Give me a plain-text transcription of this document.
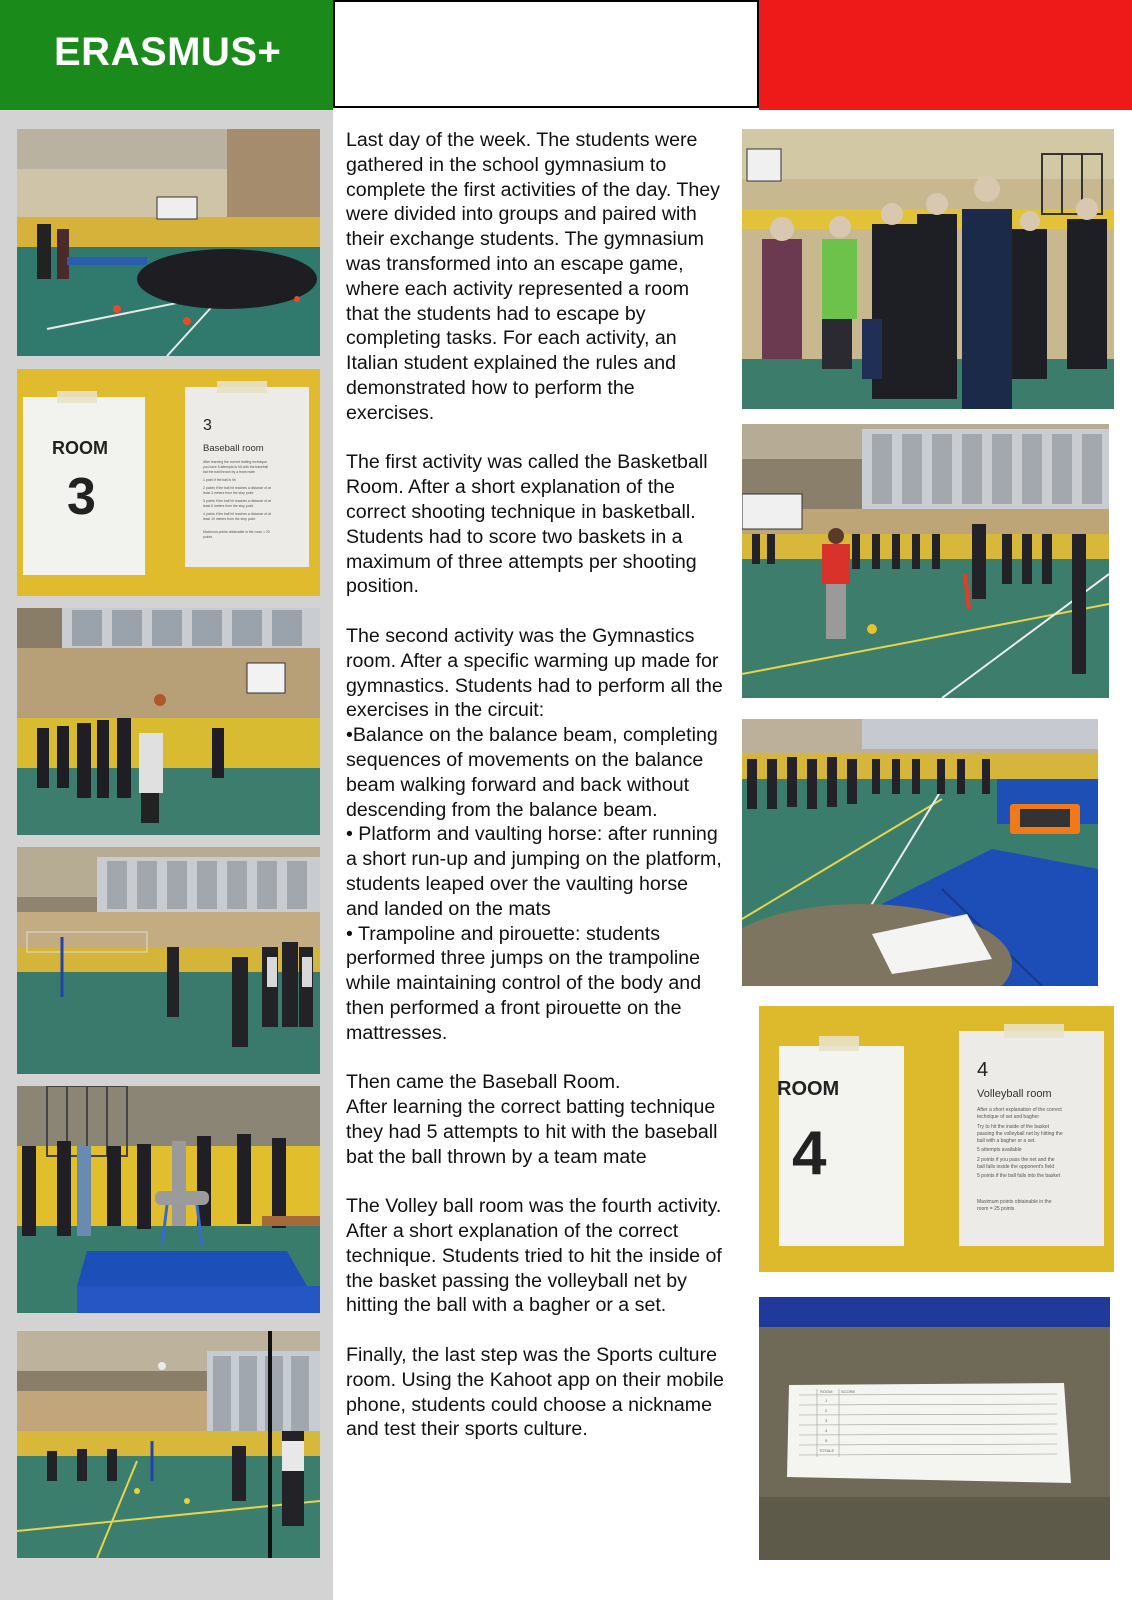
ERASMUS+
ROOM
3
3
Baseball room
After learning the correct batting technique
you have 5 attempts to hit with the baseball
bat the ball thrown by a team mate
1 point if the ball is hit
2 points if the ball hit reaches a distance of at
least 3 meters from the stop point
3 points if the ball hit reaches a distance of at
least 6 meters from the stop point
4 points if the ball hit reaches a distance of at
least 10 meters from the stop point
Maximum points obtainable in the room = 20
points

Last day of the week. The students were gathered in the school gymnasium to complete the first activities of the day. They were divided into groups and paired with their exchange students. The gymnasium was transformed into an escape game, where each activity represented a room that the students had to escape by completing tasks. For each activity, an Italian student explained the rules and demonstrated how to perform the exercises.

The first activity was called the Basketball Room. After a short explanation of the correct shooting technique in basketball. Students had to score two baskets in a maximum of three attempts per shooting position.

The second activity was the Gymnastics room. After a specific warming up made for gymnastics. Students had to perform all the exercises in the circuit:
•Balance on the balance beam, completing sequences of movements on the balance beam walking forward and back without descending from the balance beam.
• Platform and vaulting horse: after running a short run-up and jumping on the platform, students leaped over the vaulting horse and landed on the mats
• Trampoline and pirouette: students performed three jumps on the trampoline while maintaining control of the body and then performed a front pirouette on the mattresses.

Then came the Baseball Room.
After learning the correct batting technique they had 5 attempts to hit with the baseball bat the ball thrown by a team mate

The Volley ball room was the fourth activity.
After a short explanation of the correct technique. Students tried to hit the inside of the basket passing the volleyball net by hitting the ball with a bagher or a set.

Finally, the last step was the Sports culture room. Using the Kahoot app on their mobile phone, students could choose a nickname and test their sports culture.

ROOM
4
4
Volleyball room
After a short explanation of the correct
technique of set and bagher
Try to hit the inside of the basket
passing the volleyball net by hitting the
ball with a bagher or a set.
5 attempts available
2 points if you pass the net and the
ball falls inside the opponent's field
5 points if the ball falls into the basket
Maximum points obtainable in the
room = 25 points
ROOM SCORE
1
2
3
4
5
TOTALE
